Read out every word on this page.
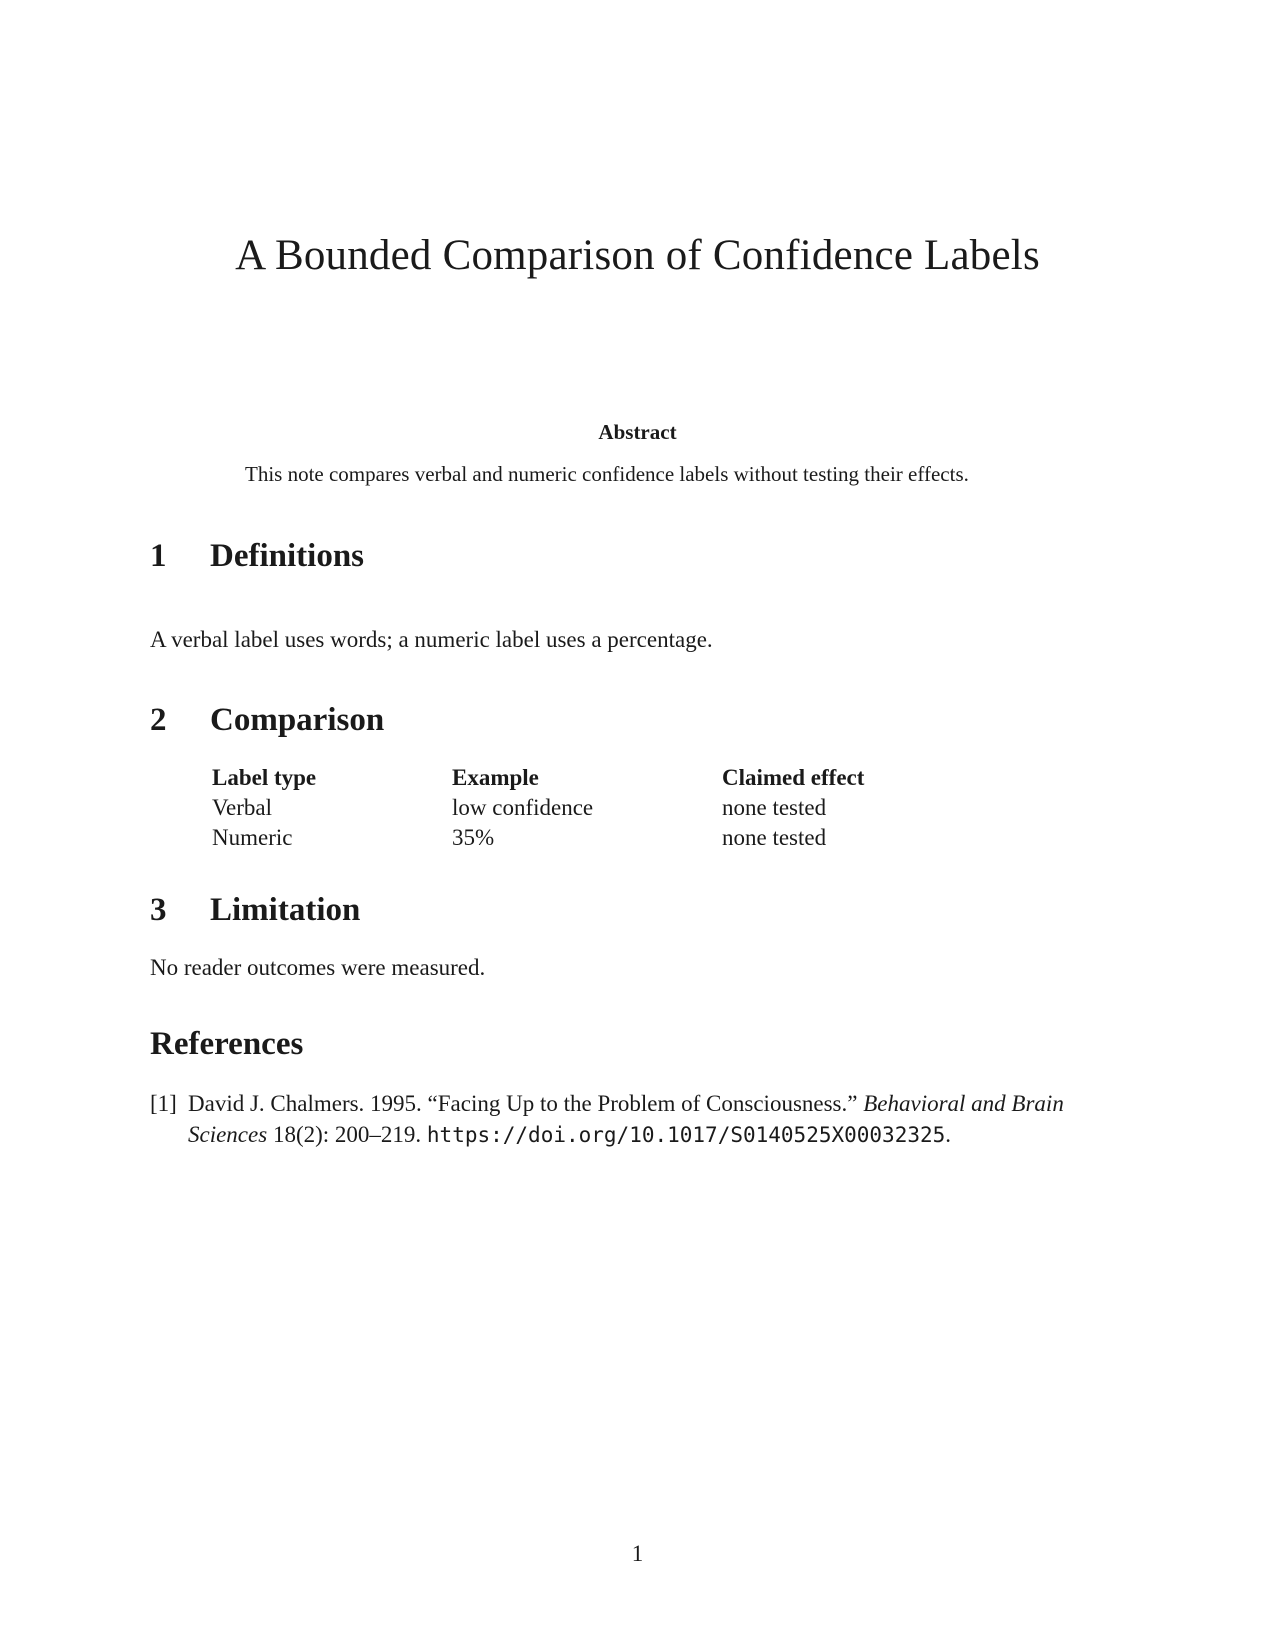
A Bounded Comparison of Confidence Labels
Abstract

This note compares verbal and numeric confidence labels without testing their effects.

1	Definitions

A verbal label uses words; a numeric label uses a percentage.

2	Comparison
Label type	Example	Claimed effect
Verbal	low confidence	none tested
Numeric	35%	none tested
3	Limitation

No reader outcomes were measured.

References
[1] David J. Chalmers. 1995. “Facing Up to the Problem of Consciousness.” Behavioral and Brain Sciences 18(2): 200–219. https://doi.org/10.1017/S0140525X00032325.
1
